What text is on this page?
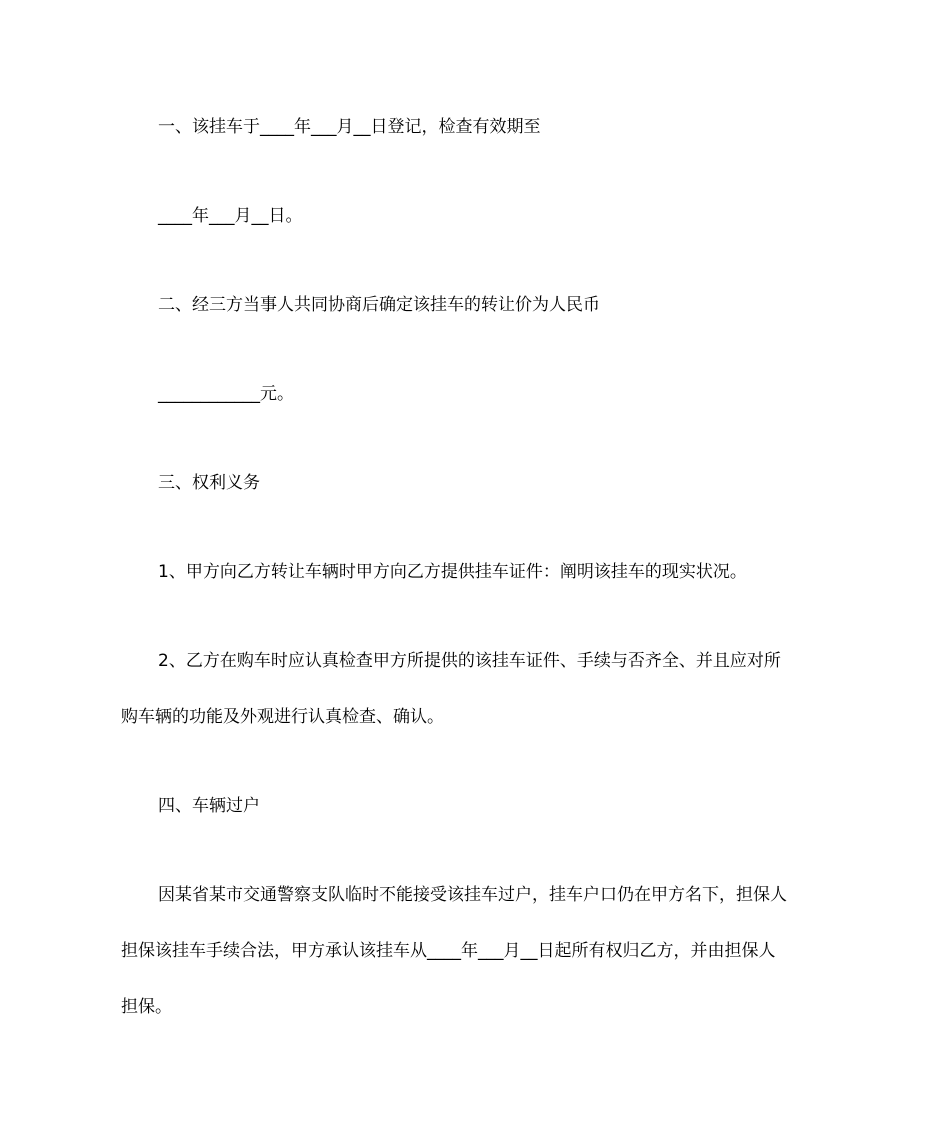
一、该挂车于____年___月__日登记，检查有效期至
____年___月__日。
二、经三方当事人共同协商后确定该挂车的转让价为人民币
____________元。
三、权利义务
1、甲方向乙方转让车辆时甲方向乙方提供挂车证件：阐明该挂车的现实状况。
2、乙方在购车时应认真检查甲方所提供的该挂车证件、手续与否齐全、并且应对所
购车辆的功能及外观进行认真检查、确认。
四、车辆过户
因某省某市交通警察支队临时不能接受该挂车过户，挂车户口仍在甲方名下，担保人
担保该挂车手续合法，甲方承认该挂车从____年___月__日起所有权归乙方，并由担保人
担保。
